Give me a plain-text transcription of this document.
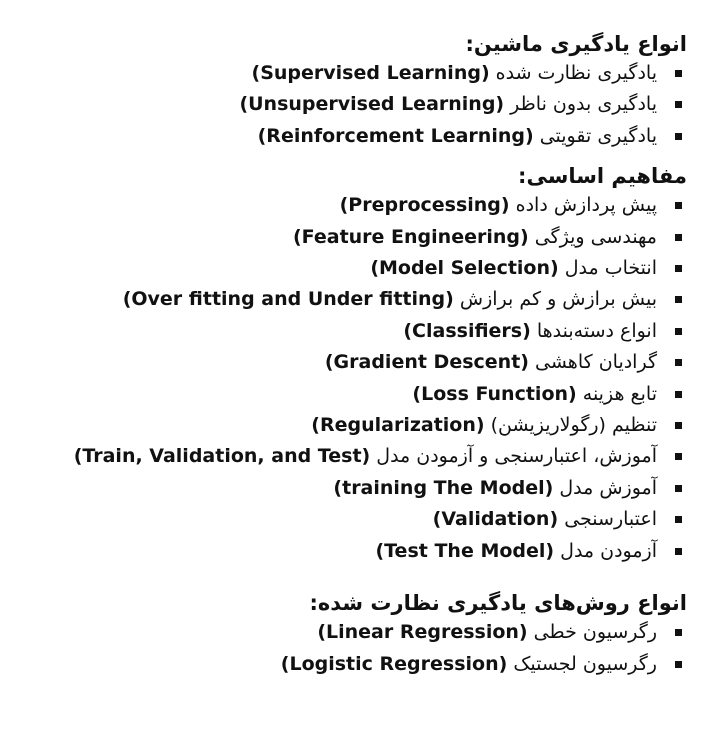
انواع یادگیری ماشین:
یادگیری نظارت شده (Supervised Learning)
یادگیری بدون ناظر (Unsupervised Learning)
یادگیری تقویتی (Reinforcement Learning)
مفاهیم اساسی:
پیش پردازش داده (Preprocessing)
مهندسی ویژگی (Feature Engineering)
انتخاب مدل (Model Selection)
بیش برازش و کم برازش (Over fitting and Under fitting)
انواع دسته‌بندها (Classifiers)
گرادیان کاهشی (Gradient Descent)
تابع هزینه (Loss Function)
تنظیم (رگولاریزیشن) (Regularization)
آموزش، اعتبارسنجی و آزمودن مدل (Train, Validation, and Test)
آموزش مدل (training The Model)
اعتبارسنجی (Validation)
آزمودن مدل (Test The Model)
انواع روش‌های یادگیری نظارت شده:
رگرسیون خطی (Linear Regression)
رگرسیون لجستیک (Logistic Regression)
